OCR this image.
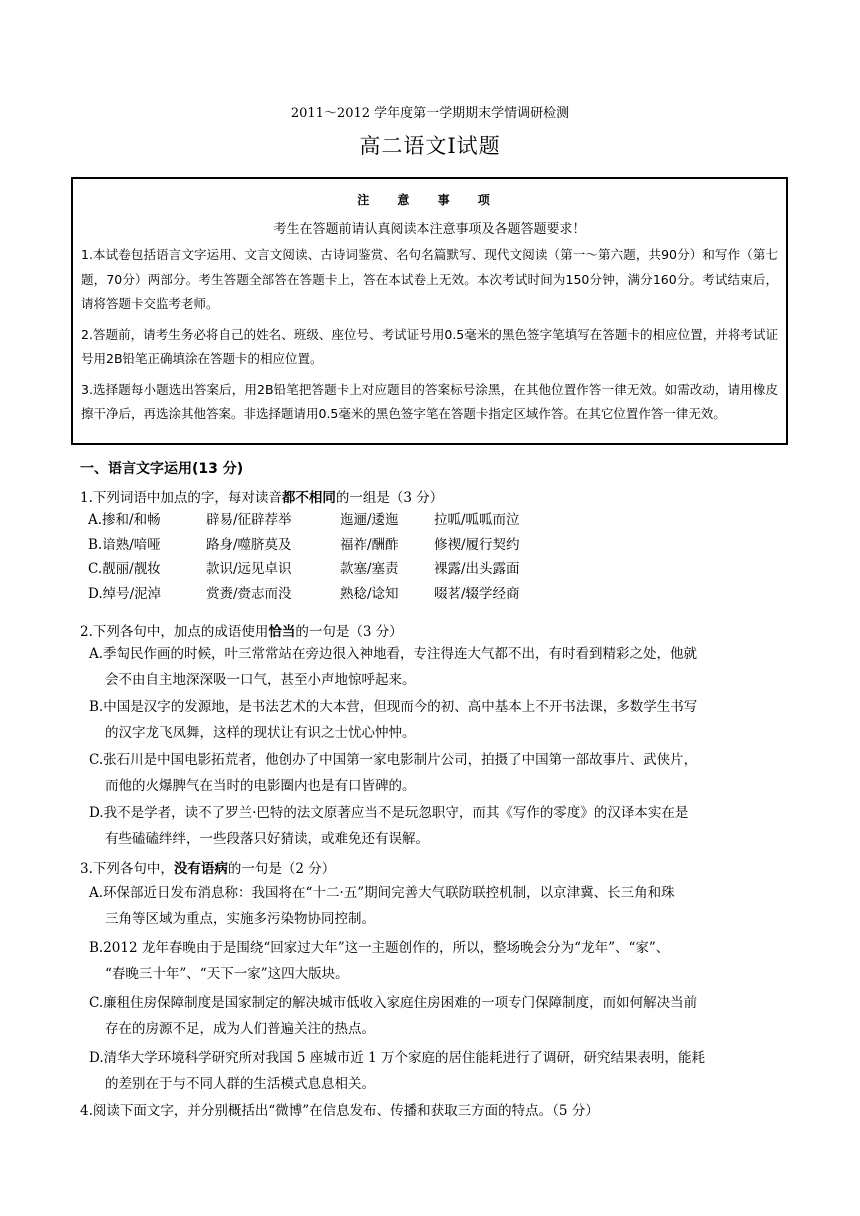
2011～2012 学年度第一学期期末学情调研检测
高二语文Ⅰ试题
注 意 事 项
考生在答题前请认真阅读本注意事项及各题答题要求！

1.本试卷包括语言文字运用、文言文阅读、古诗词鉴赏、名句名篇默写、现代文阅读（第一～第六题，共90分）和写作（第七题，70分）两部分。考生答题全部答在答题卡上，答在本试卷上无效。本次考试时间为150分钟，满分160分。考试结束后，请将答题卡交监考老师。

2.答题前，请考生务必将自己的姓名、班级、座位号、考试证号用0.5毫米的黑色签字笔填写在答题卡的相应位置，并将考试证号用2B铅笔正确填涂在答题卡的相应位置。

3.选择题每小题选出答案后，用2B铅笔把答题卡上对应题目的答案标号涂黑，在其他位置作答一律无效。如需改动，请用橡皮擦干净后，再选涂其他答案。非选择题请用0.5毫米的黑色签字笔在答题卡指定区域作答。在其它位置作答一律无效。

一、语言文字运用(13 分)
1.下列词语中加点的字，每对读音都不相同的一组是（3 分）
A.掺和/和畅	辟易/征辟荐举	迤逦/逶迤	拉呱/呱呱而泣
B.谙熟/喑哑	路身/噬脐莫及	福祚/酬酢	修禊/履行契约
C.靓丽/靓妆	款识/远见卓识	款塞/塞责	裸露/出头露面
D.绰号/泥淖	赏赉/赍志而没	熟稔/谂知	啜茗/辍学经商
2.下列各句中，加点的成语使用恰当的一句是（3 分）
A.季匋民作画的时候，叶三常常站在旁边很入神地看，专注得连大气都不出，有时看到精彩之处，他就
会不由自主地深深吸一口气，甚至小声地惊呼起来。
B.中国是汉字的发源地，是书法艺术的大本营，但现而今的初、高中基本上不开书法课，多数学生书写
的汉字龙飞凤舞，这样的现状让有识之士忧心忡忡。
C.张石川是中国电影拓荒者，他创办了中国第一家电影制片公司，拍摄了中国第一部故事片、武侠片，
而他的火爆脾气在当时的电影圈内也是有口皆碑的。
D.我不是学者，读不了罗兰·巴特的法文原著应当不是玩忽职守，而其《写作的零度》的汉译本实在是
有些磕磕绊绊，一些段落只好猜读，或难免还有误解。
3.下列各句中，没有语病的一句是（2 分）
A.环保部近日发布消息称：我国将在“十二·五”期间完善大气联防联控机制，以京津冀、长三角和珠
三角等区域为重点，实施多污染物协同控制。
B.2012 龙年春晚由于是围绕“回家过大年”这一主题创作的，所以，整场晚会分为“龙年”、“家”、
“春晚三十年”、“天下一家”这四大版块。
C.廉租住房保障制度是国家制定的解决城市低收入家庭住房困难的一项专门保障制度，而如何解决当前
存在的房源不足，成为人们普遍关注的热点。
D.清华大学环境科学研究所对我国 5 座城市近 1 万个家庭的居住能耗进行了调研，研究结果表明，能耗
的差别在于与不同人群的生活模式息息相关。
4.阅读下面文字，并分别概括出“微博”在信息发布、传播和获取三方面的特点。（5 分）
